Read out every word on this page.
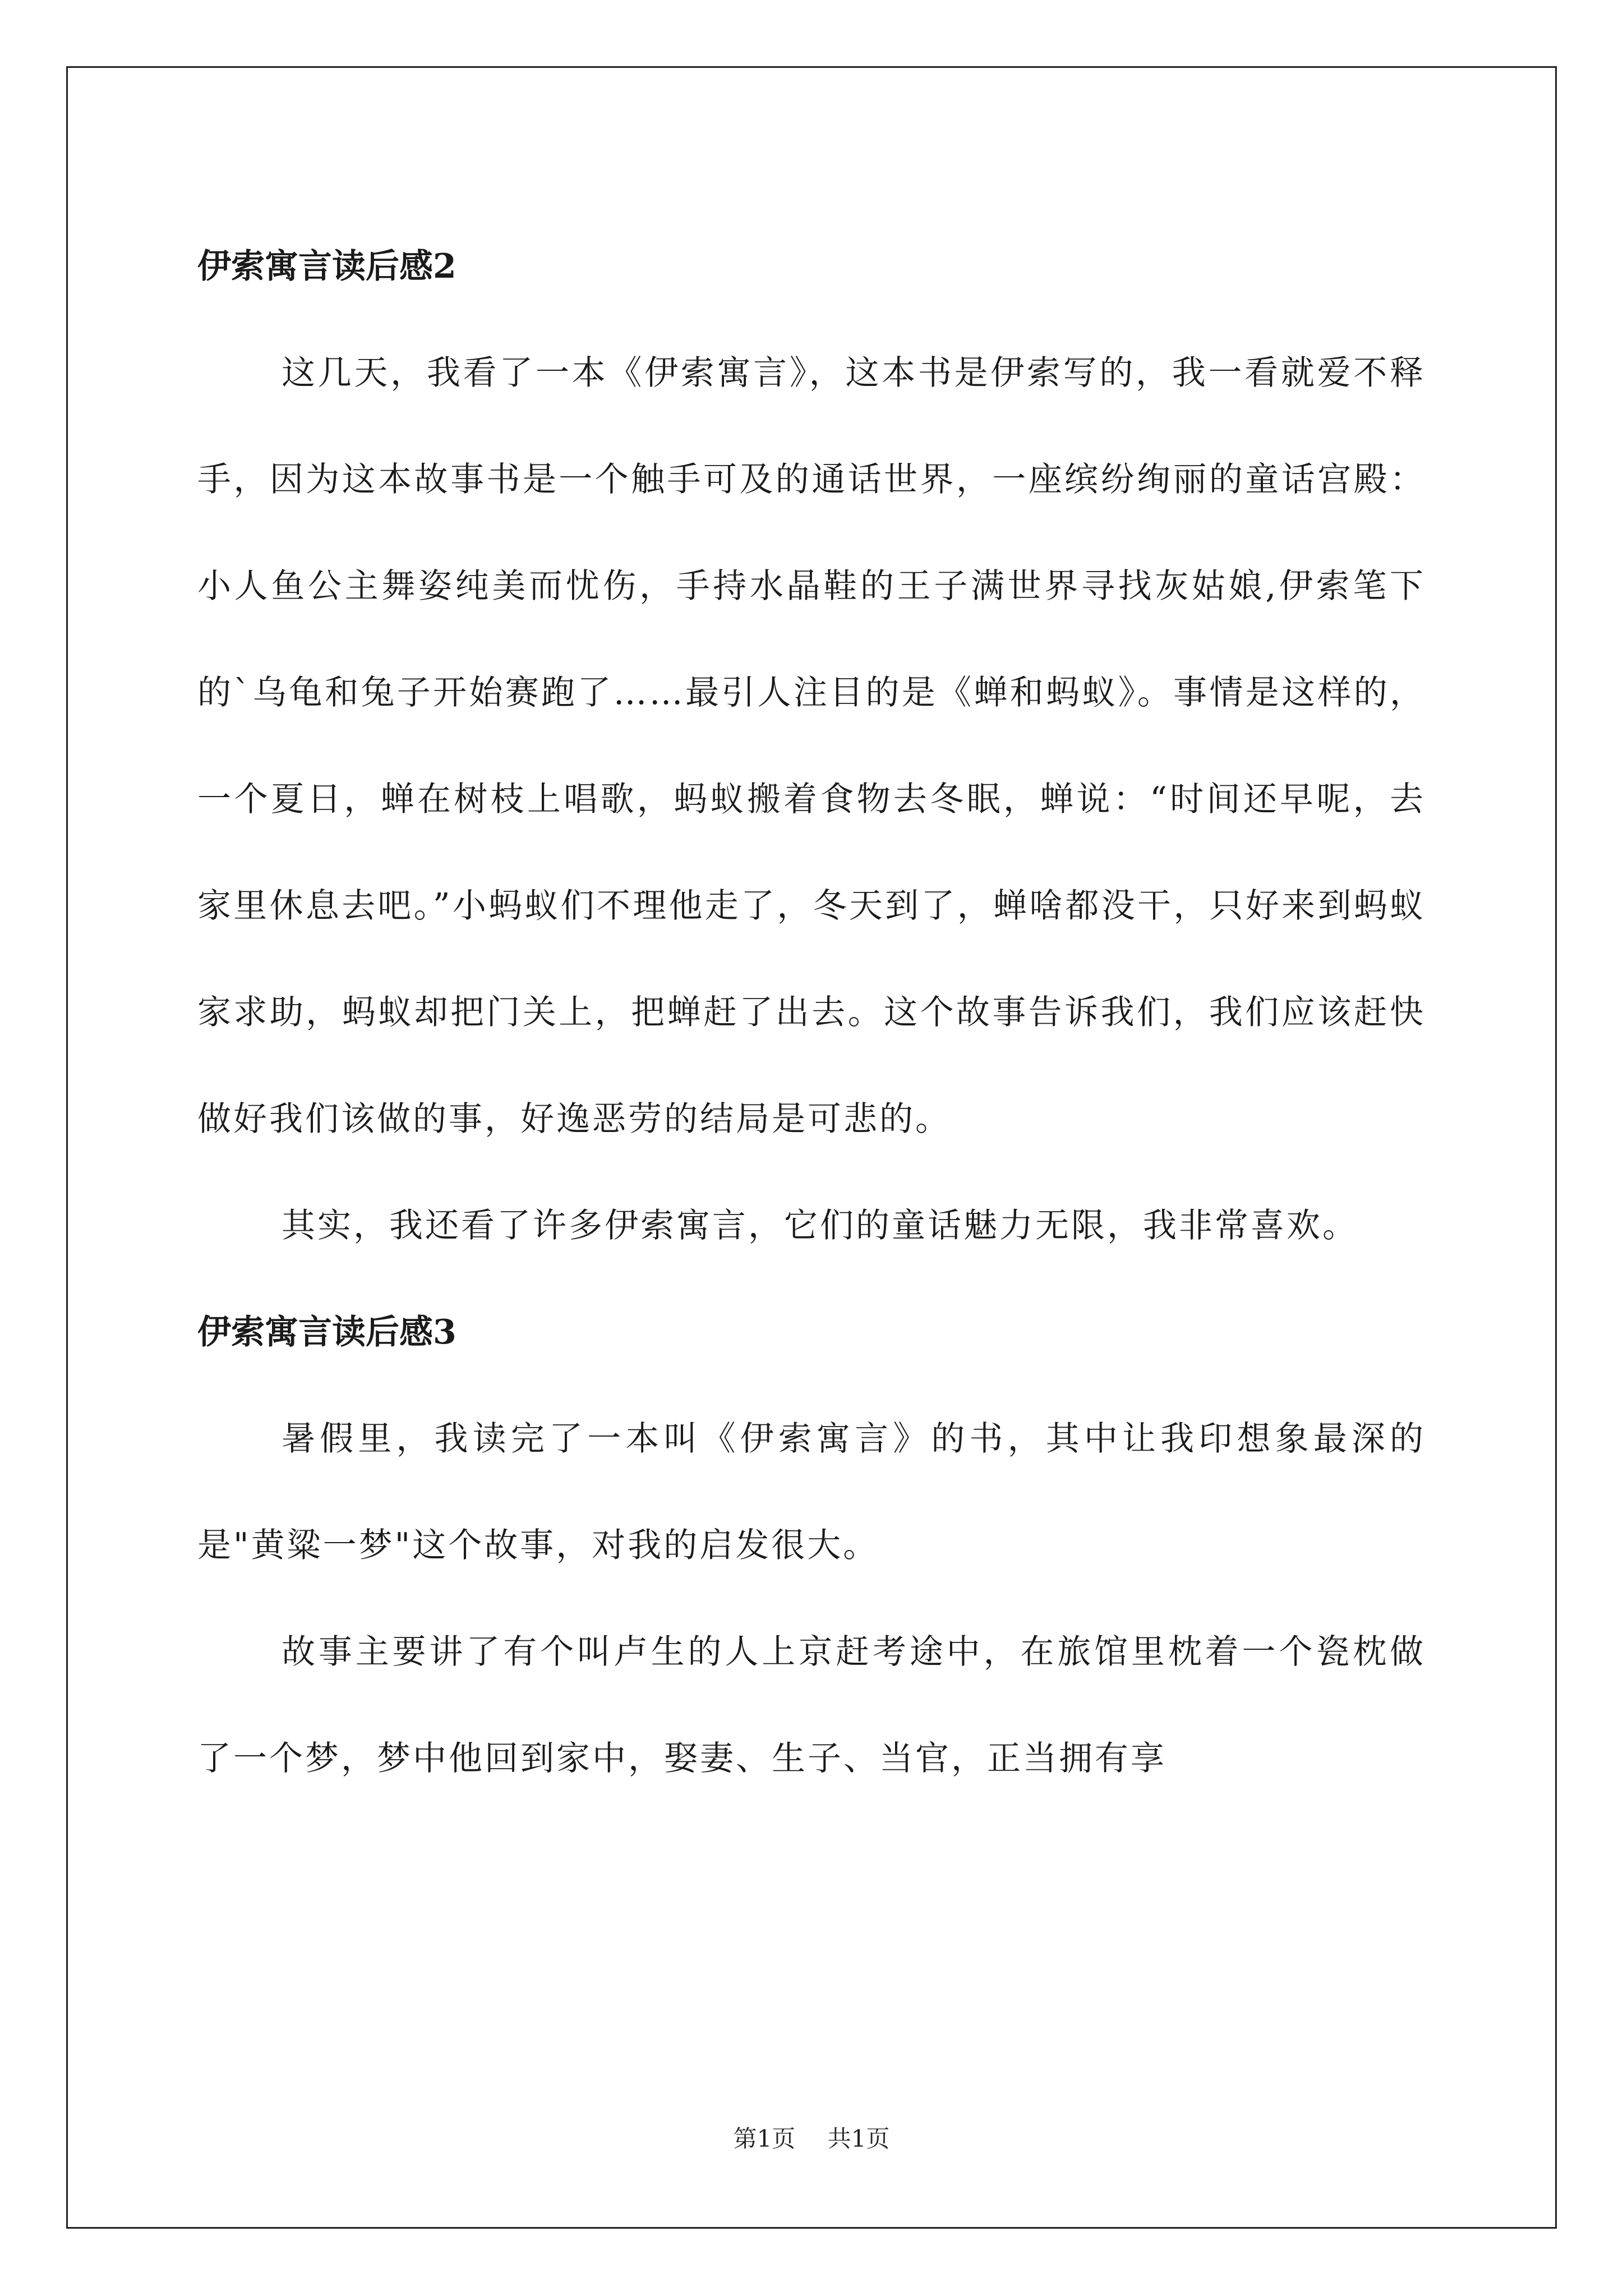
伊索寓言读后感2

这几天，我看了一本《伊索寓言》，这本书是伊索写的，我一看就爱不释手，因为这本故事书是一个触手可及的通话世界，一座缤纷绚丽的童话宫殿：小人鱼公主舞姿纯美而忧伤，手持水晶鞋的王子满世界寻找灰姑娘,伊索笔下的`乌龟和兔子开始赛跑了……最引人注目的是《蝉和蚂蚁》。事情是这样的，一个夏日，蝉在树枝上唱歌，蚂蚁搬着食物去冬眠，蝉说：“时间还早呢，去家里休息去吧。”小蚂蚁们不理他走了，冬天到了，蝉啥都没干，只好来到蚂蚁家求助，蚂蚁却把门关上，把蝉赶了出去。这个故事告诉我们，我们应该赶快做好我们该做的事，好逸恶劳的结局是可悲的。

其实，我还看了许多伊索寓言，它们的童话魅力无限，我非常喜欢。

伊索寓言读后感3

暑假里，我读完了一本叫《伊索寓言》的书，其中让我印想象最深的是"黄粱一梦"这个故事，对我的启发很大。

故事主要讲了有个叫卢生的人上京赶考途中，在旅馆里枕着一个瓷枕做了一个梦，梦中他回到家中，娶妻、生子、当官，正当拥有享

第1页 共1页
